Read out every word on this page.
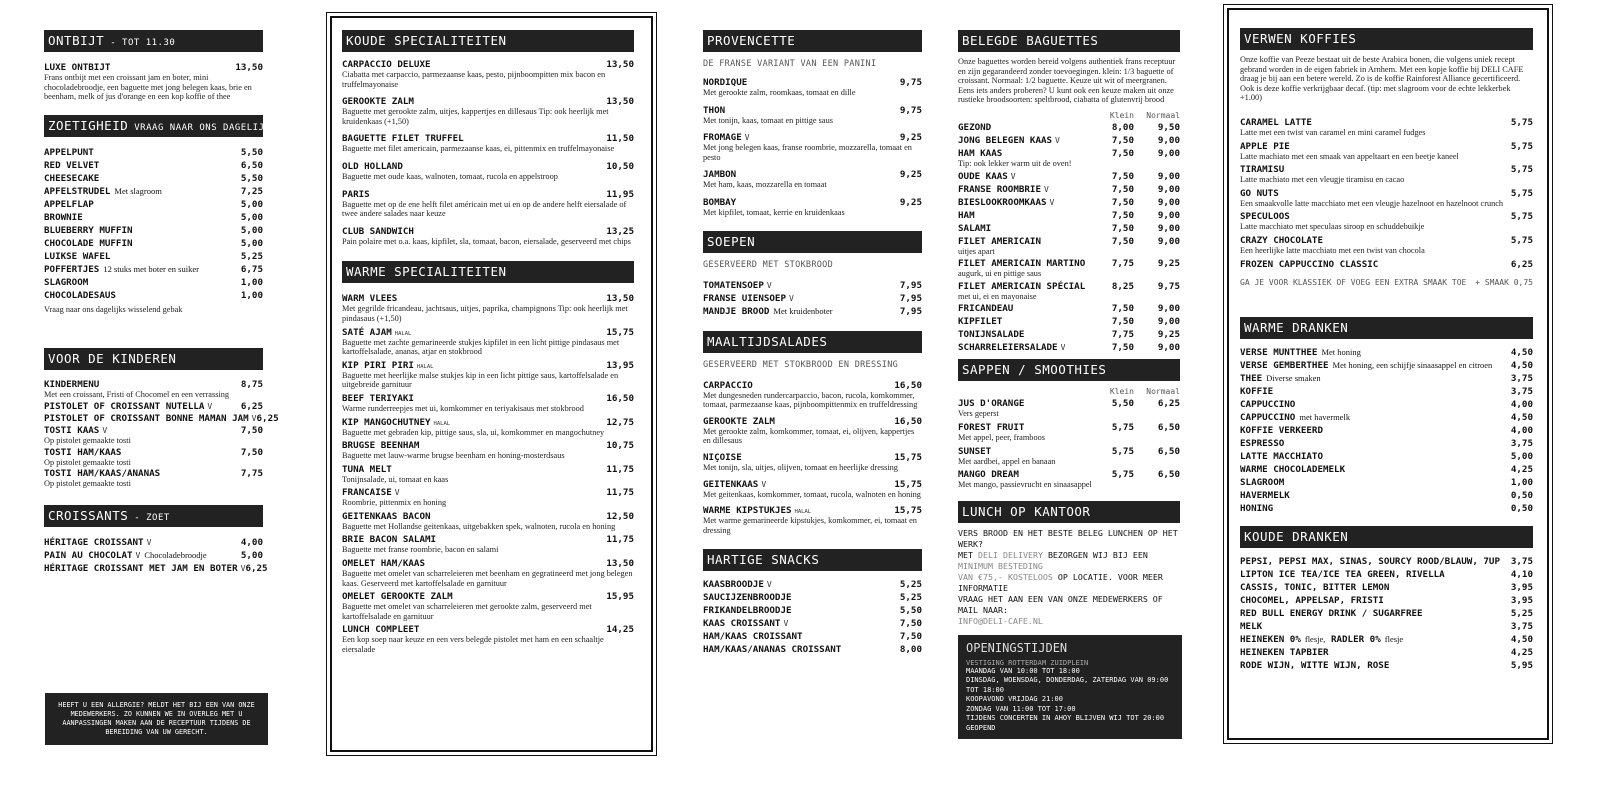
ONTBIJT - TOT 11.30
LUXE ONTBIJT	13,50
Frans ontbijt met een croissant jam en boter, mini chocoladebroodje, een baguette met jong belegen kaas, brie en beenham, melk of jus d'orange en een kop koffie of thee
ZOETIGHEID VRAAG NAAR ONS DAGELIJKS WISSELEND GEBAK
APPELPUNT	5,50
RED VELVET	6,50
CHEESECAKE	5,50
APFELSTRUDEL Met slagroom	7,25
APPELFLAP	5,00
BROWNIE	5,00
BLUEBERRY MUFFIN	5,00
CHOCOLADE MUFFIN	5,00
LUIKSE WAFEL	5,25
POFFERTJES 12 stuks met boter en suiker	6,75
SLAGROOM	1,00
CHOCOLADESAUS	1,00
Vraag naar ons dagelijks wisselend gebak
VOOR DE KINDEREN
KINDERMENU	8,75
Met een croissant, Fristi of Chocomel en een verrassing
PISTOLET OF CROISSANT NUTELLA V	6,25
PISTOLET OF CROISSANT BONNE MAMAN JAM V 6,25
TOSTI KAAS V	7,50
Op pistolet gemaakte tosti
TOSTI HAM/KAAS	7,50
Op pistolet gemaakte tosti
TOSTI HAM/KAAS/ANANAS	7,75
Op pistolet gemaakte tosti
CROISSANTS - ZOET
HÉRITAGE CROISSANT V	4,00
PAIN AU CHOCOLAT V Chocoladebroodje	5,00
HÉRITAGE CROISSANT MET JAM EN BOTER V 6,25
HEEFT U EEN ALLERGIE? MELDT HET BIJ EEN VAN ONZE MEDEWERKERS. ZO KUNNEN WE IN OVERLEG MET U AANPASSINGEN MAKEN AAN DE RECEPTUUR TIJDENS DE BEREIDING VAN UW GERECHT.
KOUDE SPECIALITEITEN
CARPACCIO DELUXE	13,50
Ciabatta met carpaccio, parmezaanse kaas, pesto, pijnboompitten mix bacon en truffelmayonaise
GEROOKTE ZALM	13,50
Baguette met gerookte zalm, uitjes, kappertjes en dillesaus Tip: ook heerlijk met kruidenkaas (+1,50)
BAGUETTE FILET TRUFFEL	11,50
Baguette met filet americain, parmezaanse kaas, ei, pittenmix en truffelmayonaise
OLD HOLLAND	10,50
Baguette met oude kaas, walnoten, tomaat, rucola en appelstroop
PARIS	11,95
Baguette met op de ene helft filet américain met ui en op de andere helft eiersalade of twee andere salades naar keuze
CLUB SANDWICH	13,25
Pain polaire met o.a. kaas, kipfilet, sla, tomaat, bacon, eiersalade, geserveerd met chips
WARME SPECIALITEITEN
WARM VLEES	13,50
Met gegrilde fricandeau, jachtsaus, uitjes, paprika, champignons Tip: ook heerlijk met pindasaus (+1,50)
SATÉ AJAM HALAL	15,75
Baguette met zachte gemarineerde stukjes kipfilet in een licht pittige pindasaus met kartoffelsalade, ananas, atjar en stokbrood
KIP PIRI PIRI HALAL	13,95
Baguette met heerlijke malse stukjes kip in een licht pittige saus, kartoffelsalade en uitgebreide garnituur
BEEF TERIYAKI	16,50
Warme runderreepjes met ui, komkommer en teriyakisaus met stokbrood
KIP MANGOCHUTNEY HALAL	12,75
Baguette met gebraden kip, pittige saus, sla, ui, komkommer en mangochutney
BRUGSE BEENHAM	10,75
Baguette met lauw-warme brugse beenham en honing-mosterdsaus
TUNA MELT	11,75
Tonijnsalade, ui, tomaat en kaas
FRANCAISE V	11,75
Roombrie, pittenmix en honing
GEITENKAAS BACON	12,50
Baguette met Hollandse geitenkaas, uitgebakken spek, walnoten, rucola en honing
BRIE BACON SALAMI	11,75
Baguette met franse roombrie, bacon en salami
OMELET HAM/KAAS	13,50
Baguette met omelet van scharreleieren met beenham en gegratineerd met jong belegen kaas. Geserveerd met kartoffelsalade en garnituur
OMELET GEROOKTE ZALM	15,95
Baguette met omelet van scharreleieren met gerookte zalm, geserveerd met kartoffelsalade en garnituur
LUNCH COMPLEET	14,25
Een kop soep naar keuze en een vers belegde pistolet met ham en een schaaltje eiersalade
PROVENCETTE
DE FRANSE VARIANT VAN EEN PANINI
NORDIQUE	9,75
Met gerookte zalm, roomkaas, tomaat en dille
THON	9,75
Met tonijn, kaas, tomaat en pittige saus
FROMAGE V	9,25
Met jong belegen kaas, franse roombrie, mozzarella, tomaat en pesto
JAMBON	9,25
Met ham, kaas, mozzarella en tomaat
BOMBAY	9,25
Met kipfilet, tomaat, kerrie en kruidenkaas
SOEPEN
GESERVEERD MET STOKBROOD
TOMATENSOEP V	7,95
FRANSE UIENSOEP V	7,95
MANDJE BROOD Met kruidenboter	7,95
MAALTIJDSALADES
GESERVEERD MET STOKBROOD EN DRESSING
CARPACCIO	16,50
Met dungesneden rundercarpaccio, bacon, rucola, komkommer, tomaat, parmezaanse kaas, pijnboompittenmix en truffeldressing
GEROOKTE ZALM	16,50
Met gerookte zalm, komkommer, tomaat, ei, olijven, kappertjes en dillesaus
NIÇOISE	15,75
Met tonijn, sla, uitjes, olijven, tomaat en heerlijke dressing
GEITENKAAS V	15,75
Met geitenkaas, komkommer, tomaat, rucola, walnoten en honing
WARME KIPSTUKJES HALAL	15,75
Met warme gemarineerde kipstukjes, komkommer, ei, tomaat en dressing
HARTIGE SNACKS
KAASBROODJE V	5,25
SAUCIJZENBROODJE	5,25
FRIKANDELBROODJE	5,50
KAAS CROISSANT V	7,50
HAM/KAAS CROISSANT	7,50
HAM/KAAS/ANANAS CROISSANT	8,00
BELEGDE BAGUETTES
Onze baguettes worden bereid volgens authentiek frans receptuur en zijn gegarandeerd zonder toevoegingen. klein: 1/3 baguette of croissant. Normaal: 1/2 baguette. Keuze uit wit of meergranen. Eens iets anders proberen? U kunt ook een keuze maken uit onze rustieke broodsoorten: speltbrood, ciabatta of glutenvrij brood
Klein	Normaal
GEZOND	8,00	9,50
JONG BELEGEN KAAS V	7,50	9,00
HAM KAAS	7,50	9,00
Tip: ook lekker warm uit de oven!
OUDE KAAS V	7,50	9,00
FRANSE ROOMBRIE V	7,50	9,00
BIESLOOKROOMKAAS V	7,50	9,00
HAM	7,50	9,00
SALAMI	7,50	9,00
FILET AMERICAIN	7,50	9,00
uitjes apart
FILET AMERICAIN MARTINO	7,75	9,25
augurk, ui en pittige saus
FILET AMERICAIN SPÉCIAL	8,25	9,75
met ui, ei en mayonaise
FRICANDEAU	7,50	9,00
KIPFILET	7,50	9,00
TONIJNSALADE	7,75	9,25
SCHARRELEIERSALADE V	7,50	9,00
SAPPEN / SMOOTHIES
Klein	Normaal
JUS D'ORANGE	5,50	6,25
Vers geperst
FOREST FRUIT	5,75	6,50
Met appel, peer, framboos
SUNSET	5,75	6,50
Met aardbei, appel en banaan
MANGO DREAM	5,75	6,50
Met mango, passievrucht en sinaasappel
LUNCH OP KANTOOR
VERS BROOD EN HET BESTE BELEG LUNCHEN OP HET WERK?
MET DELI DELIVERY BEZORGEN WIJ BIJ EEN MINIMUM BESTEDING
VAN €75,- KOSTELOOS OP LOCATIE. VOOR MEER INFORMATIE
VRAAG HET AAN EEN VAN ONZE MEDEWERKERS OF MAIL NAAR:
INFO@DELI-CAFE.NL
OPENINGSTIJDEN
VESTIGING ROTTERDAM ZUIDPLEIN
MAANDAG VAN 10:00 TOT 18:00
DINSDAG, WOENSDAG, DONDERDAG, ZATERDAG VAN 09:00 TOT 18:00
KOOPAVOND VRIJDAG 21:00
ZONDAG VAN 11:00 TOT 17:00
TIJDENS CONCERTEN IN AHOY BLIJVEN WIJ TOT 20:00 GEOPEND
VERWEN KOFFIES
Onze koffie van Peeze bestaat uit de beste Arabica bonen, die volgens uniek recept gebrand worden in de eigen fabriek in Arnhem. Met een kopje koffie bij DELI CAFE draag je bij aan een betere wereld. Zo is de koffie Rainforest Alliance gecertificeerd. Ook is deze koffie verkrijgbaar decaf. (tip: met slagroom voor de echte lekkerbek +1.00)
CARAMEL LATTE	5,75
Latte met een twist van caramel en mini caramel fudges
APPLE PIE	5,75
Latte machiato met een smaak van appeltaart en een beetje kaneel
TIRAMISU	5,75
Latte machiato met een vleugje tiramisu en cacao
GO NUTS	5,75
Een smaakvolle latte macchiato met een vleugje hazelnoot en hazelnoot crunch
SPECULOOS	5,75
Latte macchiato met speculaas siroop en schuddebuikje
CRAZY CHOCOLATE	5,75
Een heerlijke latte macchiato met een twist van chocola
FROZEN CAPPUCCINO CLASSIC	6,25
GA JE VOOR KLASSIEK OF VOEG EEN EXTRA SMAAK TOE + SMAAK 0,75
WARME DRANKEN
VERSE MUNTTHEE Met honing	4,50
VERSE GEMBERTHEE Met honing, een schijfje sinaasappel en citroen 4,50
THEE Diverse smaken	3,75
KOFFIE	3,75
CAPPUCCINO	4,00
CAPPUCCINO met havermelk	4,50
KOFFIE VERKEERD	4,00
ESPRESSO	3,75
LATTE MACCHIATO	5,00
WARME CHOCOLADEMELK	4,25
SLAGROOM	1,00
HAVERMELK	0,50
HONING	0,50
KOUDE DRANKEN
PEPSI, PEPSI MAX, SINAS, SOURCY ROOD/BLAUW, 7UP 3,75
LIPTON ICE TEA/ICE TEA GREEN, RIVELLA	4,10
CASSIS, TONIC, BITTER LEMON	3,95
CHOCOMEL, APPELSAP, FRISTI	3,95
RED BULL ENERGY DRINK / SUGARFREE	5,25
MELK	3,75
HEINEKEN 0% flesje, RADLER 0% flesje	4,50
HEINEKEN TAPBIER	4,25
RODE WIJN, WITTE WIJN, ROSE	5,95
